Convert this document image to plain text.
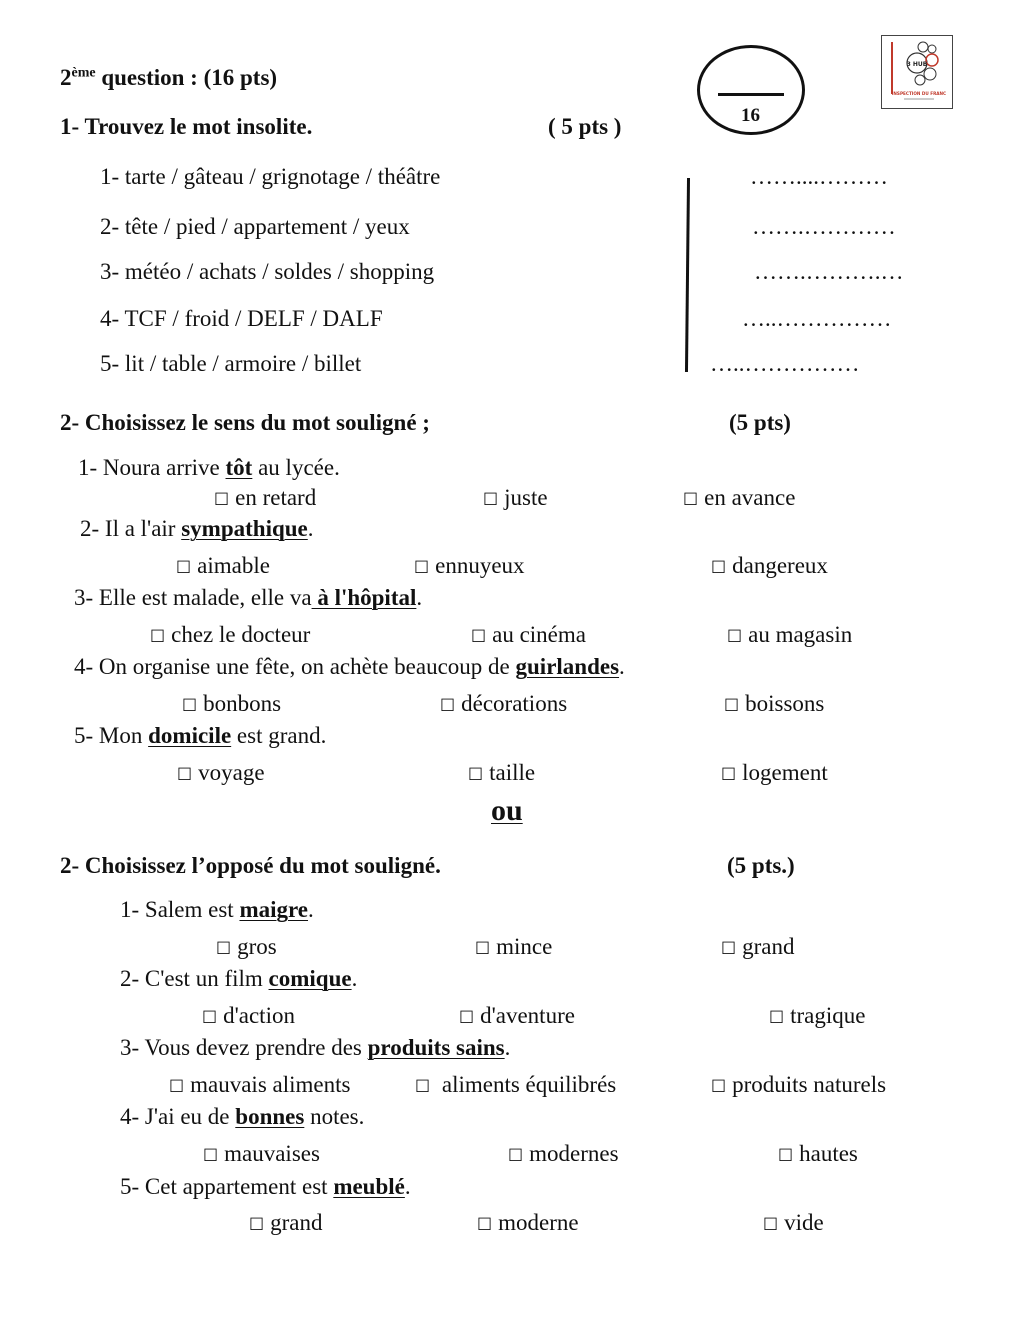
2ème question : (16 pts)
16
3 HUB
INSPECTION DU FRANC
1- Trouvez le mot insolite.	( 5 pts )
1- tarte / gâteau / grignotage / théâtre	……....………
2- tête / pied / appartement / yeux	…….…………
3- météo / achats / soldes / shopping	…….……….…
4- TCF / froid / DELF / DALF	…..……………
5- lit / table / armoire / billet	…..……………
2- Choisissez le sens du mot souligné ;	(5 pts)
1- Noura arrive tôt au lycée.
□ en retard	□ juste	□ en avance
2- Il a l'air sympathique.
□ aimable	□ ennuyeux	□ dangereux
3- Elle est malade, elle va à l'hôpital.
□ chez le docteur	□ au cinéma	□ au magasin
4- On organise une fête, on achète beaucoup de guirlandes.
□ bonbons	□ décorations	□ boissons
5- Mon domicile est grand.
□ voyage	□ taille	□ logement
ou
2- Choisissez l’opposé du mot souligné.	(5 pts.)
1- Salem est maigre.
□ gros	□ mince	□ grand
2- C'est un film comique.
□ d'action	□ d'aventure	□ tragique
3- Vous devez prendre des produits sains.
□ mauvais aliments	□ aliments équilibrés	□ produits naturels
4- J'ai eu de bonnes notes.
□ mauvaises	□ modernes	□ hautes
5- Cet appartement est meublé.
□ grand	□ moderne	□ vide
